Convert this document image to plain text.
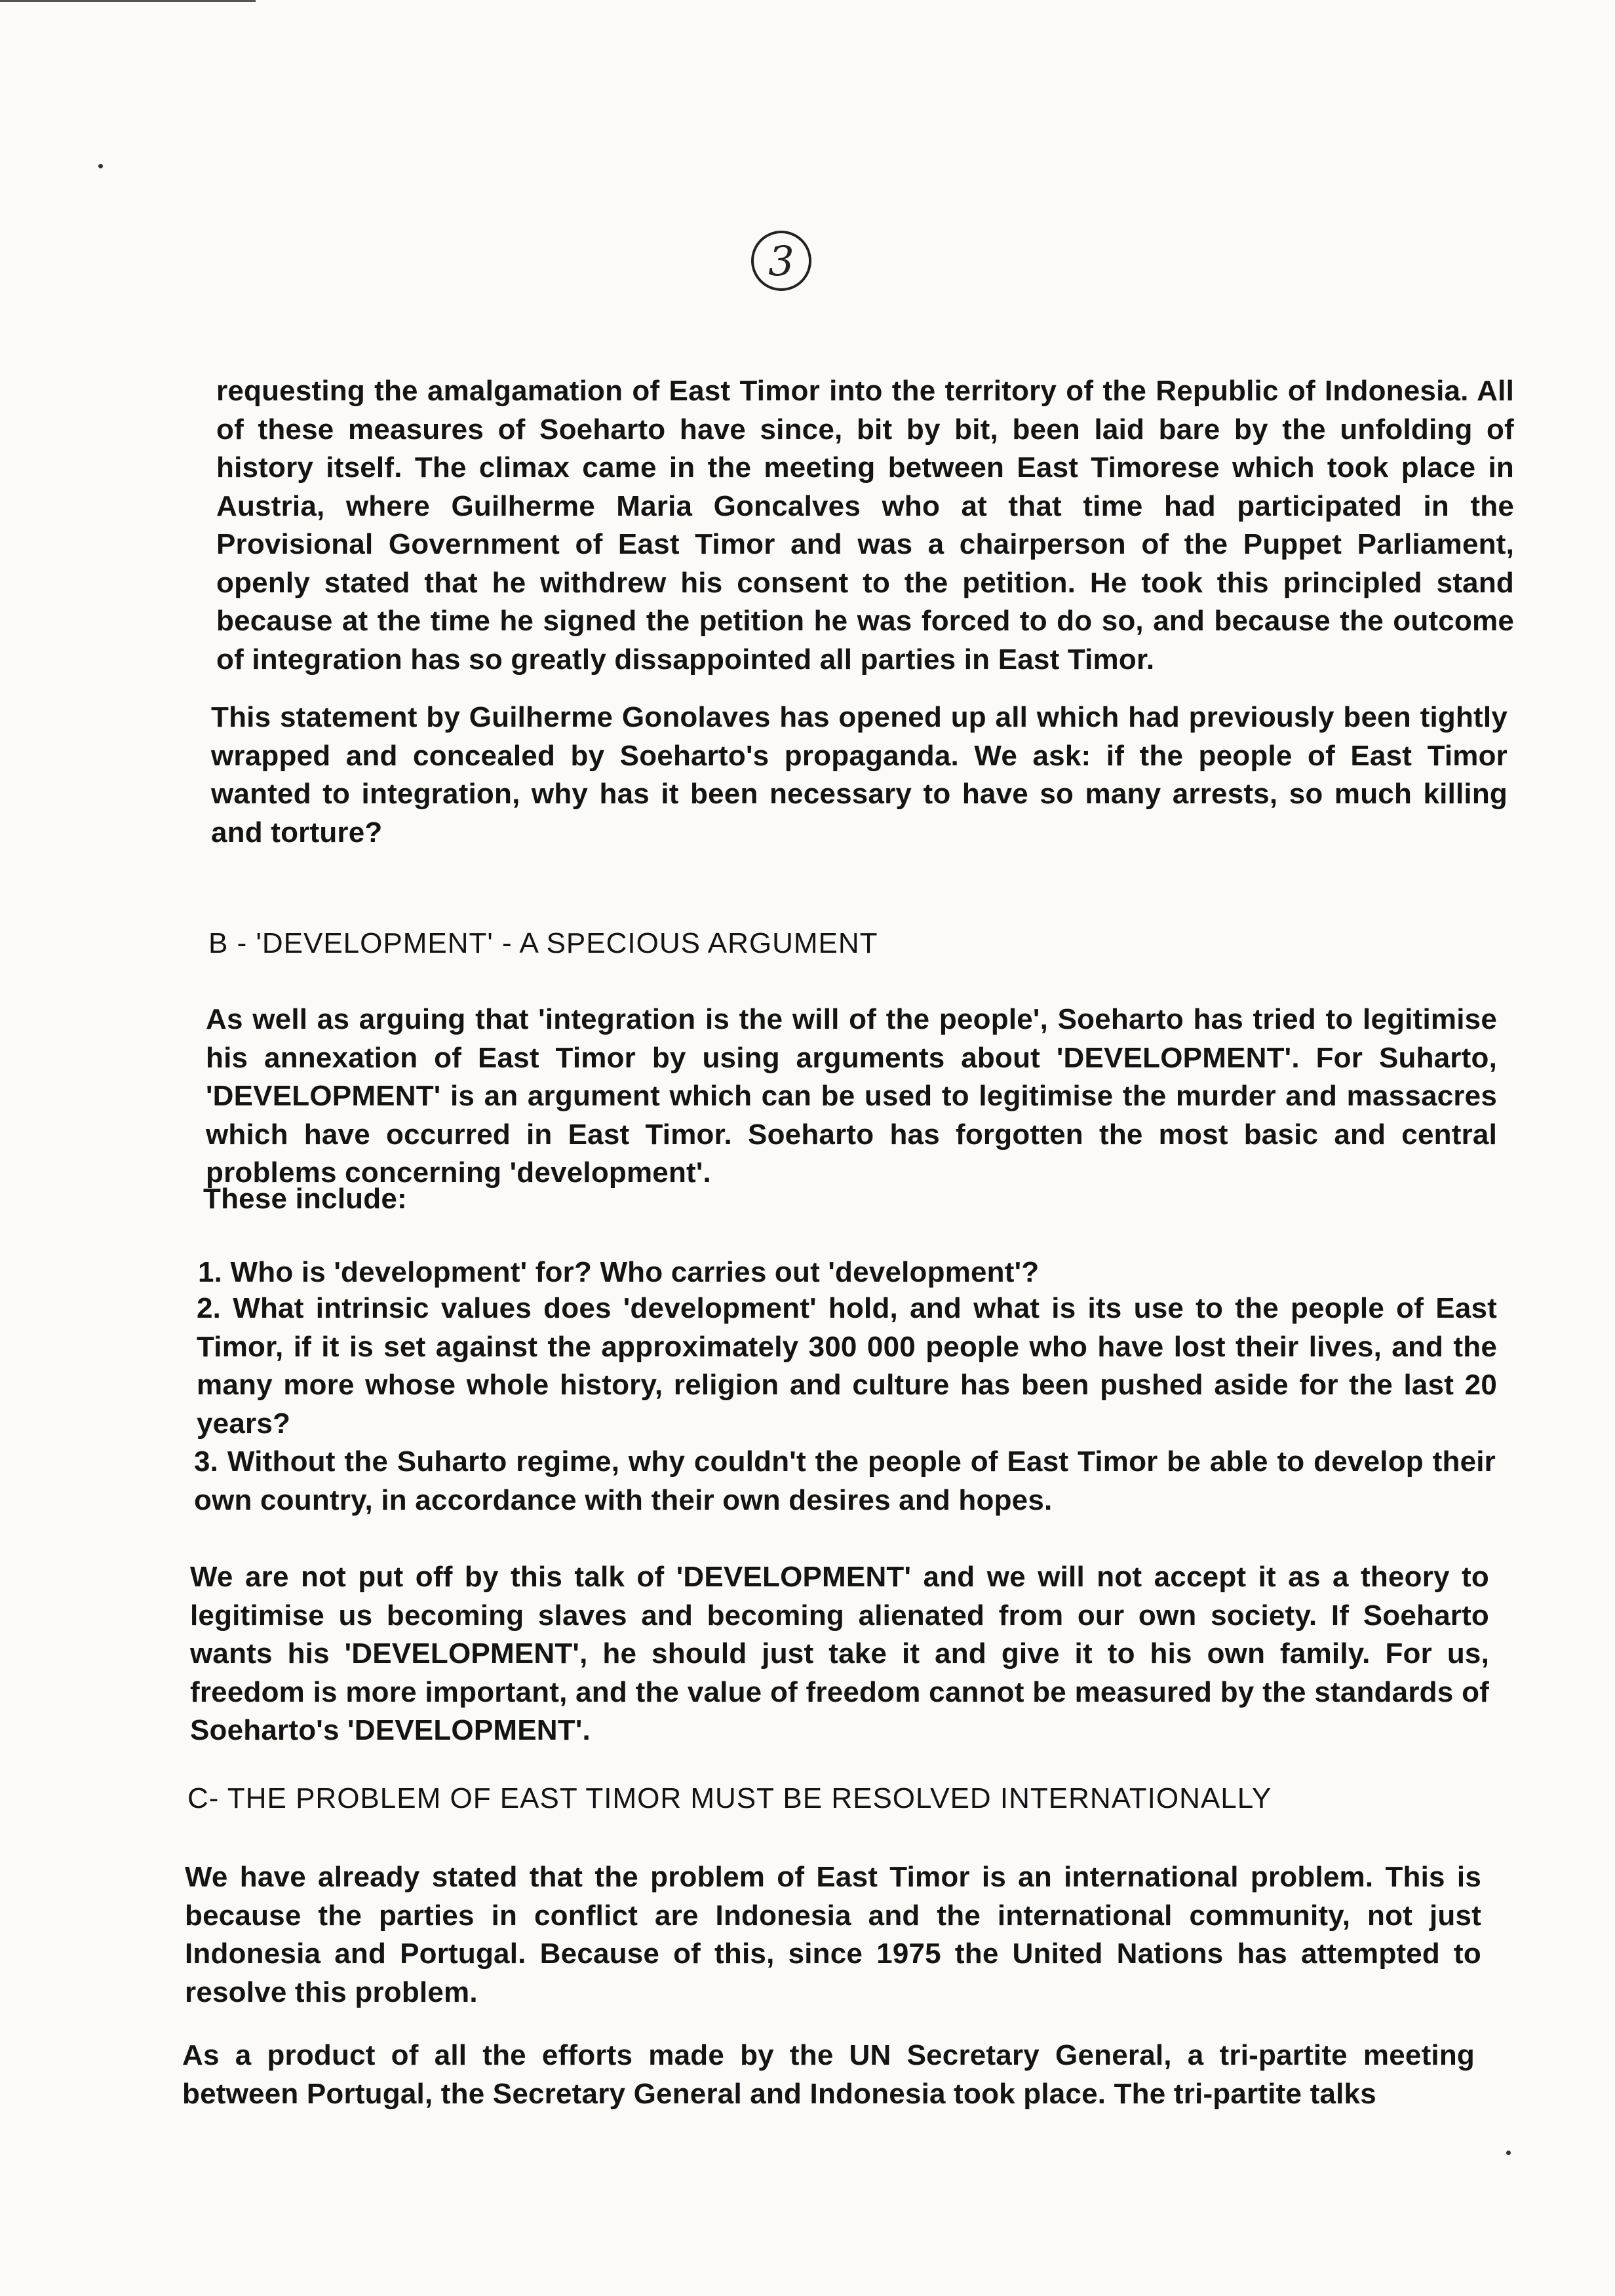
3

requesting the amalgamation of East Timor into the territory of the Republic of Indonesia. All of these measures of Soeharto have since, bit by bit, been laid bare by the unfolding of history itself. The climax came in the meeting between East Timorese which took place in Austria, where Guilherme Maria Goncalves who at that time had participated in the Provisional Government of East Timor and was a chairperson of the Puppet Parliament, openly stated that he withdrew his consent to the petition. He took this principled stand because at the time he signed the petition he was forced to do so, and because the outcome of integration has so greatly dissappointed all parties in East Timor.

This statement by Guilherme Gonolaves has opened up all which had previously been tightly wrapped and concealed by Soeharto's propaganda. We ask: if the people of East Timor wanted to integration, why has it been necessary to have so many arrests, so much killing and torture?

B - 'DEVELOPMENT' - A SPECIOUS ARGUMENT

As well as arguing that 'integration is the will of the people', Soeharto has tried to legitimise his annexation of East Timor by using arguments about 'DEVELOPMENT'. For Suharto, 'DEVELOPMENT' is an argument which can be used to legitimise the murder and massacres which have occurred in East Timor. Soeharto has forgotten the most basic and central problems concerning 'development'.

These include:

1. Who is 'development' for? Who carries out 'development'?

2. What intrinsic values does 'development' hold, and what is its use to the people of East Timor, if it is set against the approximately 300 000 people who have lost their lives, and the many more whose whole history, religion and culture has been pushed aside for the last 20 years?

3. Without the Suharto regime, why couldn't the people of East Timor be able to develop their own country, in accordance with their own desires and hopes.

We are not put off by this talk of 'DEVELOPMENT' and we will not accept it as a theory to legitimise us becoming slaves and becoming alienated from our own society. If Soeharto wants his 'DEVELOPMENT', he should just take it and give it to his own family. For us, freedom is more important, and the value of freedom cannot be measured by the standards of Soeharto's 'DEVELOPMENT'.

C- THE PROBLEM OF EAST TIMOR MUST BE RESOLVED INTERNATIONALLY

We have already stated that the problem of East Timor is an international problem. This is because the parties in conflict are Indonesia and the international community, not just Indonesia and Portugal. Because of this, since 1975 the United Nations has attempted to resolve this problem.

As a product of all the efforts made by the UN Secretary General, a tri-partite meeting between Portugal, the Secretary General and Indonesia took place. The tri-partite talks
